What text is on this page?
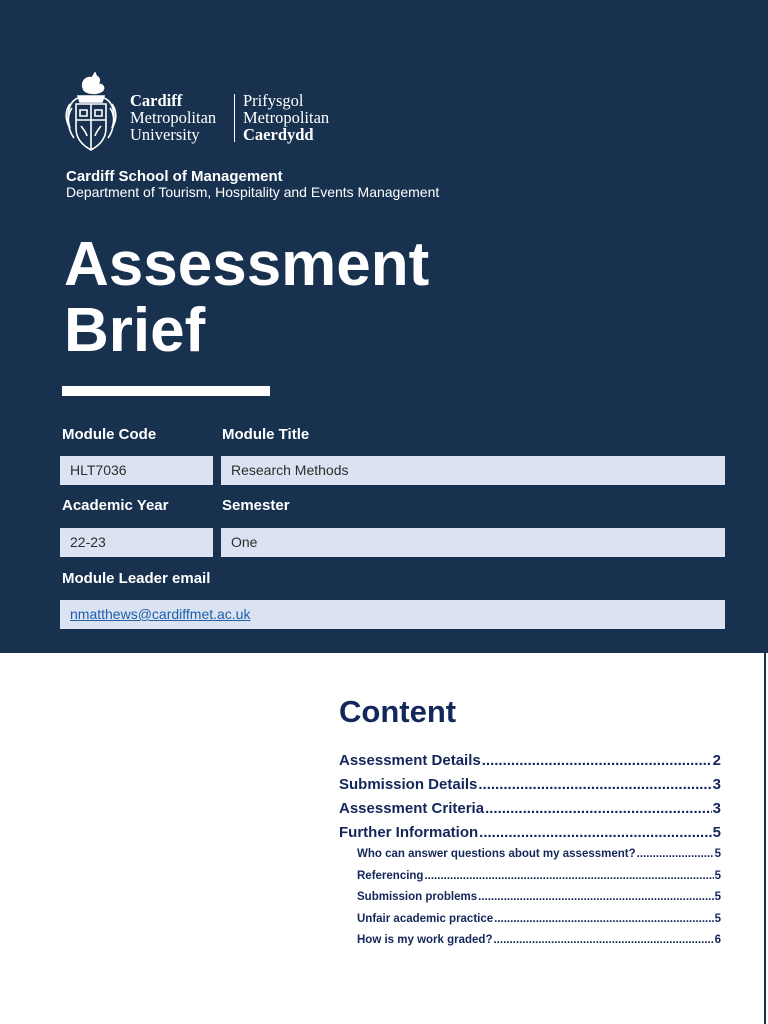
Cardiff
Metropolitan
University
Prifysgol
Metropolitan
Caerdydd
Cardiff School of Management
Department of Tourism, Hospitality and Events Management
Assessment
Brief
Module Code	Module Title
HLT7036	Research Methods
Academic Year	Semester
22-23	One
Module Leader email
nmatthews@cardiffmet.ac.uk
Content
Assessment Details .....	2
Submission Details .....	3
Assessment Criteria .....	3
Further Information .....	5
Who can answer questions about my assessment? .....	5
Referencing .....	5
Submission problems .....	5
Unfair academic practice .....	5
How is my work graded? .....	6
